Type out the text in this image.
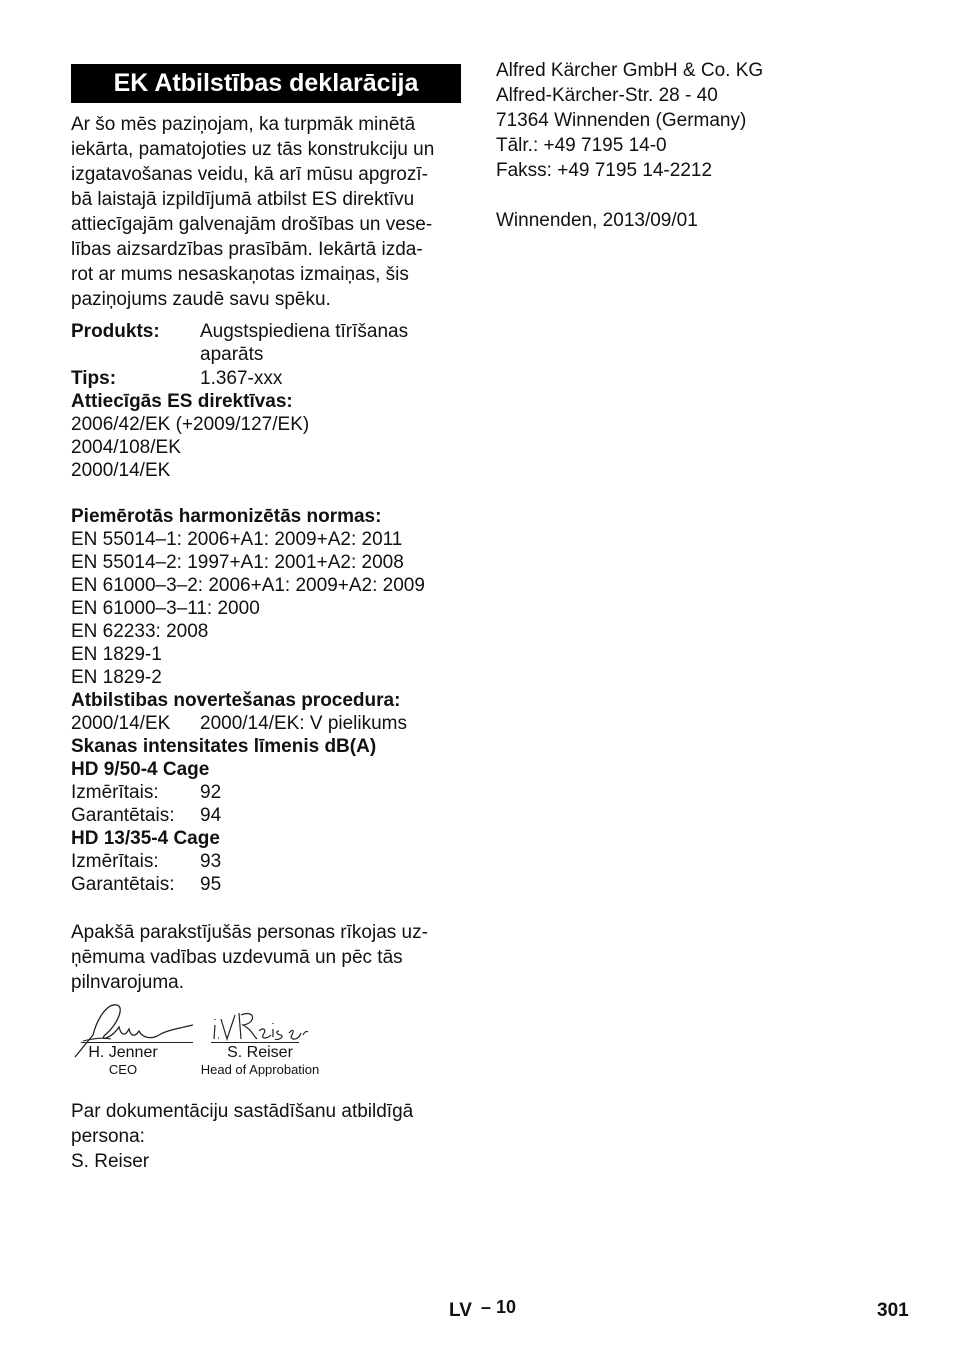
EK Atbilstības deklarācija
Ar šo mēs paziņojam, ka turpmāk minētā
iekārta, pamatojoties uz tās konstrukciju un
izgatavošanas veidu, kā arī mūsu apgrozī-
bā laistajā izpildījumā atbilst ES direktīvu
attiecīgajām galvenajām drošības un vese-
lības aizsardzības prasībām. Iekārtā izda-
rot ar mums nesaskaņotas izmaiņas, šis
paziņojums zaudē savu spēku.
Produkts:	Augstspiediena tīrīšanas
aparāts
Tips:	1.367-xxx
Attiecīgās ES direktīvas:
2006/42/EK (+2009/127/EK)
2004/108/EK
2000/14/EK
Piemērotās harmonizētās normas:
EN 55014–1: 2006+A1: 2009+A2: 2011
EN 55014–2: 1997+A1: 2001+A2: 2008
EN 61000–3–2: 2006+A1: 2009+A2: 2009
EN 61000–3–11: 2000
EN 62233: 2008
EN 1829-1
EN 1829-2
Atbilstibas novertešanas procedura:
2000/14/EK	2000/14/EK: V pielikums
Skanas intensitates līmenis dB(A)
HD 9/50-4 Cage
Izmērītais:	92
Garantētais:	94
HD 13/35-4 Cage
Izmērītais:	93
Garantētais:	95
Apakšā parakstījušās personas rīkojas uz-
ņēmuma vadības uzdevumā un pēc tās
pilnvarojuma.
i.V. Reiser
H. Jenner
CEO
S. Reiser
Head of Approbation
Par dokumentāciju sastādīšanu atbildīgā
persona:
S. Reiser
Alfred Kärcher GmbH & Co. KG
Alfred-Kärcher-Str. 28 - 40
71364 Winnenden (Germany)
Tālr.: +49 7195 14-0
Fakss: +49 7195 14-2212
Winnenden, 2013/09/01
LV – 10	301
